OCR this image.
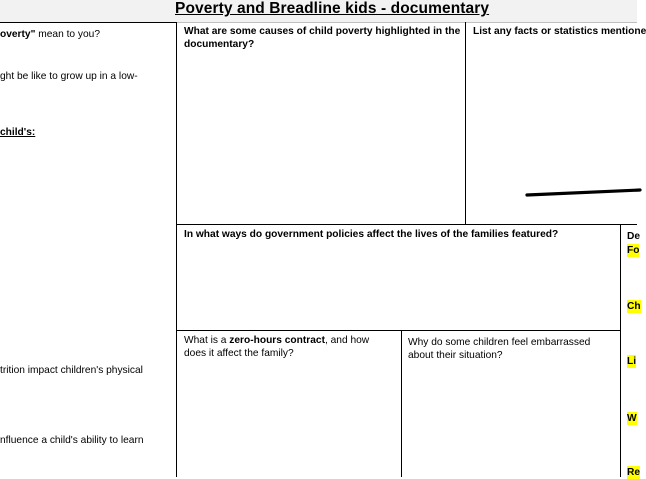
Poverty and Breadline kids - documentary
overty" mean to you?
ght be like to grow up in a low-
child's:
trition impact children's physical
nfluence a child's ability to learn
What are some causes of child poverty highlighted in the
documentary?
List any facts or statistics mentione
In what ways do government policies affect the lives of the families featured?
What is a zero-hours contract, and how
does it affect the family?
Why do some children feel embarrassed
about their situation?
De
Fo
Ch
Li
W
Re
